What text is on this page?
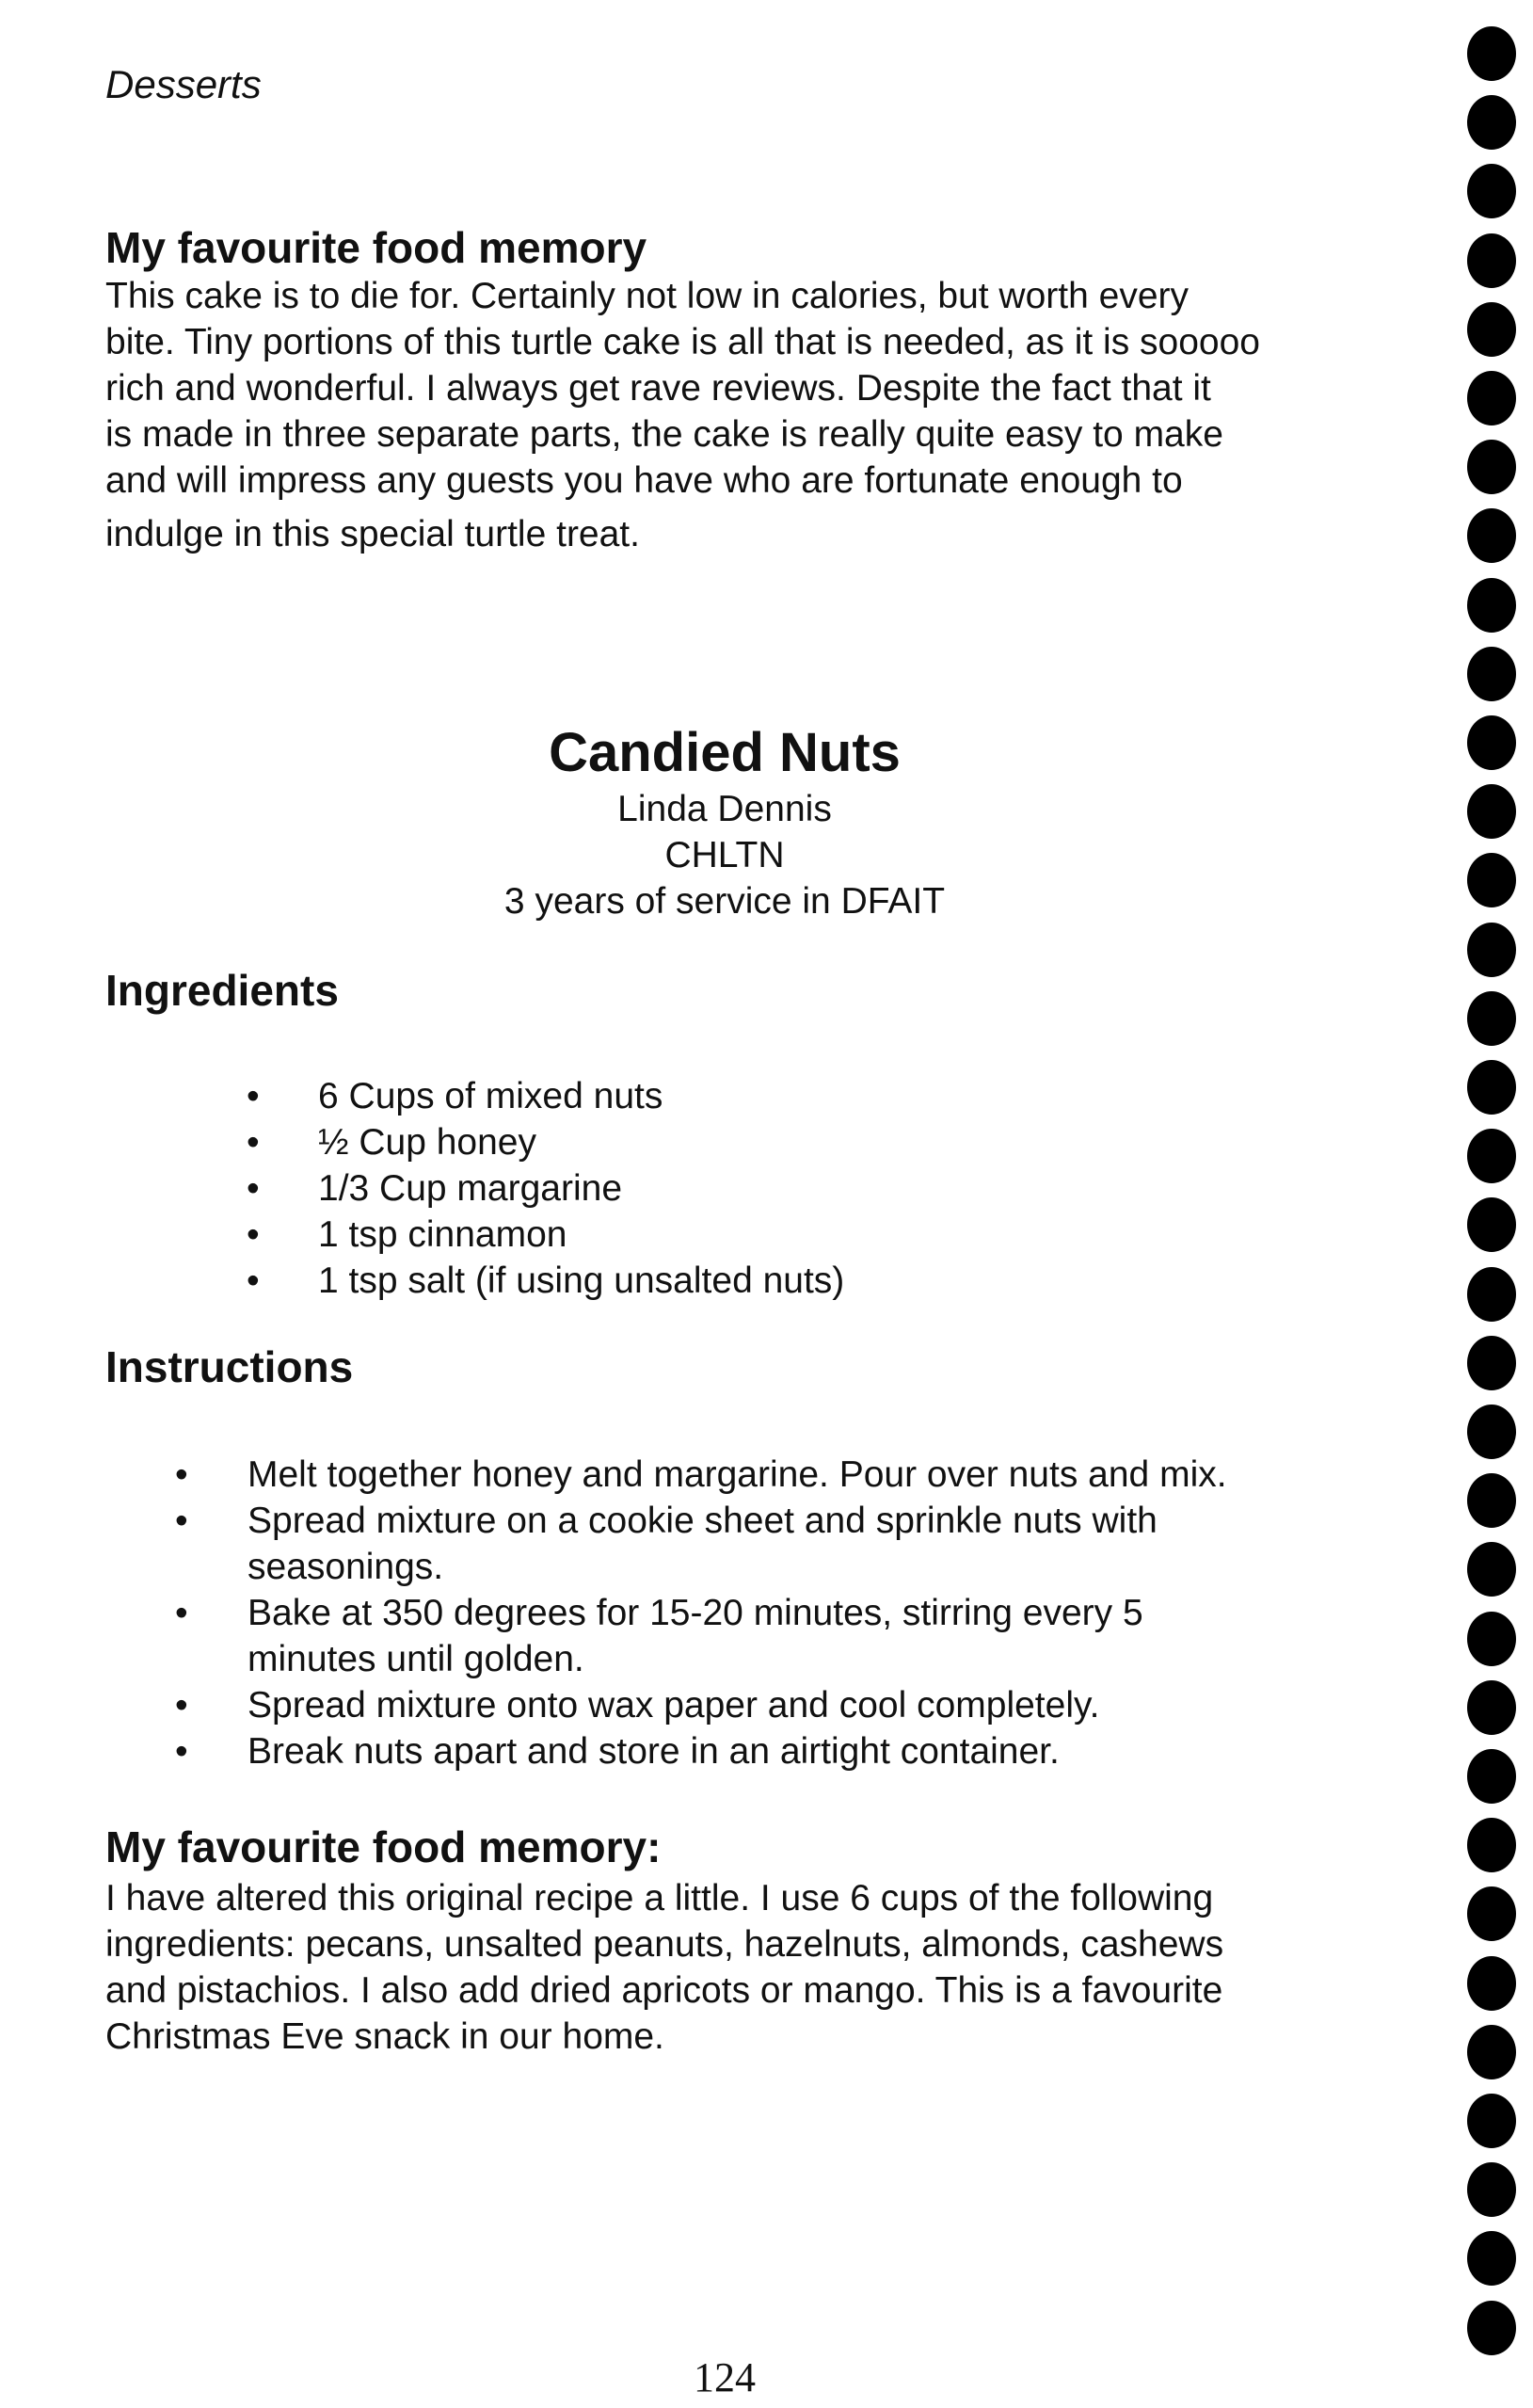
Desserts
My favourite food memory
This cake is to die for. Certainly not low in calories, but worth every
bite. Tiny portions of this turtle cake is all that is needed, as it is sooooo
rich and wonderful. I always get rave reviews. Despite the fact that it
is made in three separate parts, the cake is really quite easy to make
and will impress any guests you have who are fortunate enough to
indulge in this special turtle treat.
Candied Nuts
Linda Dennis
CHLTN
3 years of service in DFAIT
Ingredients
• 6 Cups of mixed nuts
• ½ Cup honey
• 1/3 Cup margarine
• 1 tsp cinnamon
• 1 tsp salt (if using unsalted nuts)
Instructions
• Melt together honey and margarine. Pour over nuts and mix.
• Spread mixture on a cookie sheet and sprinkle nuts with
seasonings.
• Bake at 350 degrees for 15-20 minutes, stirring every 5
minutes until golden.
• Spread mixture onto wax paper and cool completely.
• Break nuts apart and store in an airtight container.
My favourite food memory:
I have altered this original recipe a little. I use 6 cups of the following
ingredients: pecans, unsalted peanuts, hazelnuts, almonds, cashews
and pistachios. I also add dried apricots or mango. This is a favourite
Christmas Eve snack in our home.
124
